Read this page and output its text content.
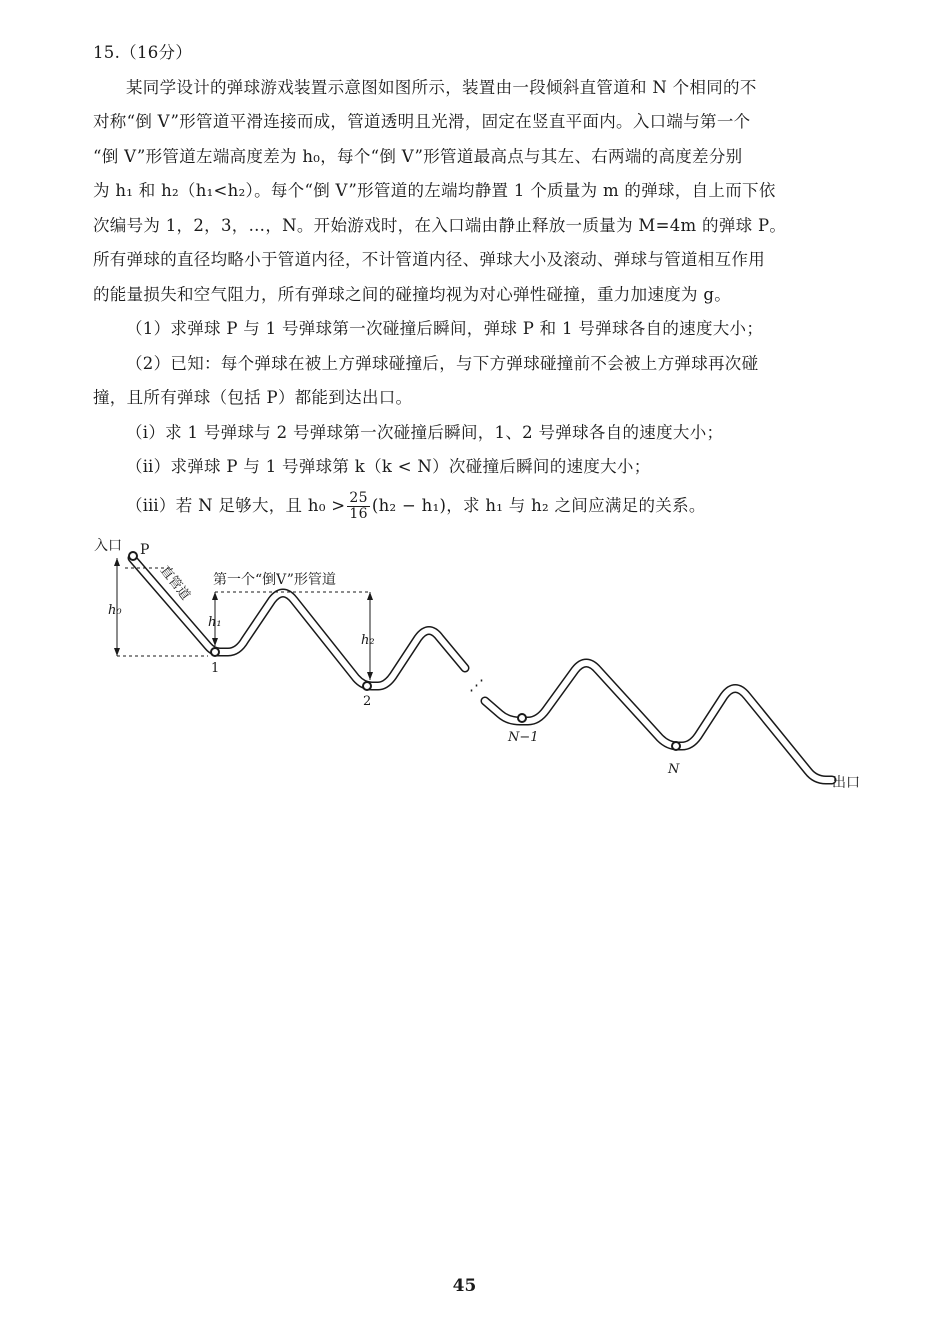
15.（16分）
某同学设计的弹球游戏装置示意图如图所示，装置由一段倾斜直管道和 N 个相同的不
对称“倒 V”形管道平滑连接而成，管道透明且光滑，固定在竖直平面内。入口端与第一个
“倒 V”形管道左端高度差为 h₀，每个“倒 V”形管道最高点与其左、右两端的高度差分别
为 h₁ 和 h₂（h₁<h₂）。每个“倒 V”形管道的左端均静置 1 个质量为 m 的弹球，自上而下依
次编号为 1，2，3，…，N。开始游戏时，在入口端由静止释放一质量为 M=4m 的弹球 P。
所有弹球的直径均略小于管道内径，不计管道内径、弹球大小及滚动、弹球与管道相互作用
的能量损失和空气阻力，所有弹球之间的碰撞均视为对心弹性碰撞，重力加速度为 g。
（1）求弹球 P 与 1 号弹球第一次碰撞后瞬间，弹球 P 和 1 号弹球各自的速度大小；
（2）已知：每个弹球在被上方弹球碰撞后，与下方弹球碰撞前不会被上方弹球再次碰
撞，且所有弹球（包括 P）都能到达出口。
（ⅰ）求 1 号弹球与 2 号弹球第一次碰撞后瞬间，1、2 号弹球各自的速度大小；
（ⅱ）求弹球 P 与 1 号弹球第 k（k < N）次碰撞后瞬间的速度大小；
（ⅲ）若 N 足够大，且 $h_0 > \frac{25}{16} (h_2 - h_1)$，求 h₁ 与 h₂ 之间应满足的关系。
入口 P
直管道 第一个“倒V”形管道
h₀
h₁
h₂
1
2
⋰
N−1
N
出口
45
